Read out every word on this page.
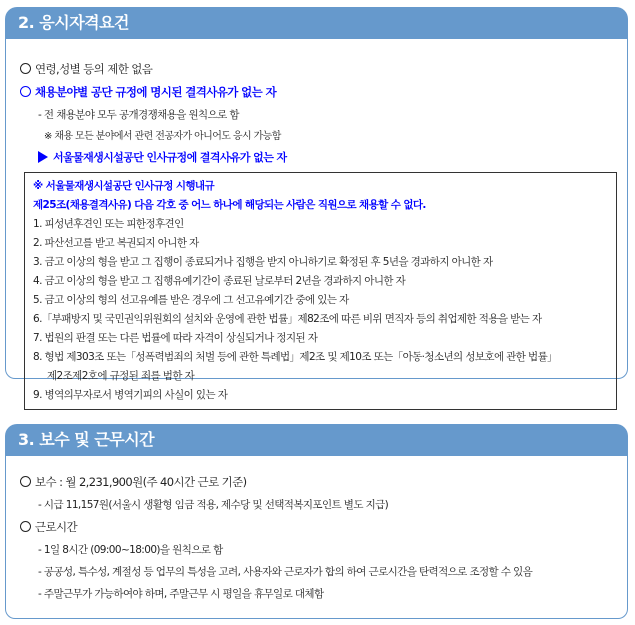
2. 응시자격요건
연령,성별 등의 제한 없음
채용분야별 공단 규정에 명시된 결격사유가 없는 자
- 전 채용분야 모두 공개경쟁채용을 원칙으로 함
※ 채용 모든 분야에서 관련 전공자가 아니어도 응시 가능함
서울물재생시설공단 인사규정에 결격사유가 없는 자
※ 서울물재생시설공단 인사규정 시행내규
제25조(채용결격사유) 다음 각호 중 어느 하나에 해당되는 사람은 직원으로 채용할 수 없다.
1. 피성년후견인 또는 피한정후견인
2. 파산선고를 받고 복권되지 아니한 자
3. 금고 이상의 형을 받고 그 집행이 종료되거나 집행을 받지 아니하기로 확정된 후 5년을 경과하지 아니한 자
4. 금고 이상의 형을 받고 그 집행유예기간이 종료된 날로부터 2년을 경과하지 아니한 자
5. 금고 이상의 형의 선고유예를 받은 경우에 그 선고유예기간 중에 있는 자
6.「부패방지 및 국민권익위원회의 설치와 운영에 관한 법률」제82조에 따른 비위 면직자 등의 취업제한 적용을 받는 자
7. 법원의 판결 또는 다른 법률에 따라 자격이 상실되거나 정지된 자
8. 형법 제303조 또는「성폭력범죄의 처벌 등에 관한 특례법」제2조 및 제10조 또는「아동·청소년의 성보호에 관한 법률」
제2조제2호에 규정된 죄를 범한 자
9. 병역의무자로서 병역기피의 사실이 있는 자
3. 보수 및 근무시간
보수 : 월 2,231,900원(주 40시간 근로 기준)
- 시급 11,157원(서울시 생활형 임금 적용, 제수당 및 선택적복지포인트 별도 지급)
근로시간
- 1일 8시간 (09:00~18:00)을 원칙으로 함
- 공공성, 특수성, 계절성 등 업무의 특성을 고려, 사용자와 근로자가 합의 하여 근로시간을 탄력적으로 조정할 수 있음
- 주말근무가 가능하여야 하며, 주말근무 시 평일을 휴무일로 대체함
